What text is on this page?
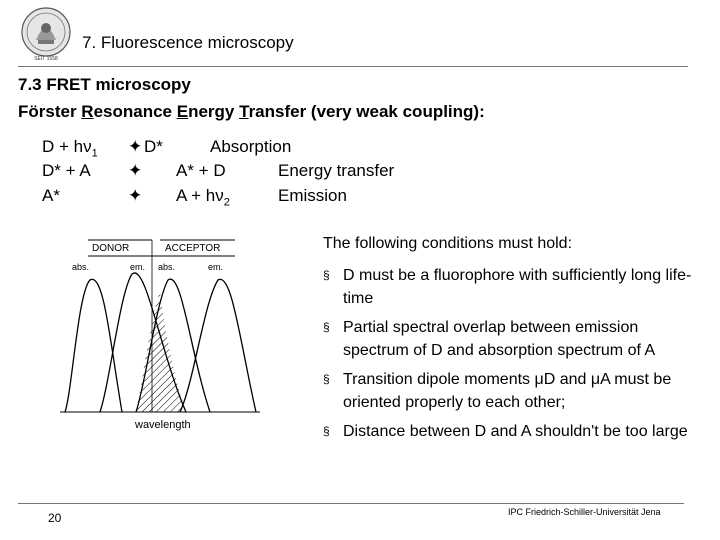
SEIT 1558
7. Fluorescence microscopy
7.3 FRET microscopy
Förster Resonance Energy Transfer (very weak coupling):
$D + h\nu_1$ ✦ D*	Absorption
D* + A ✦ A* + D	Energy transfer
A*	✦ $A + h\nu_2$	Emission
DONOR	ACCEPTOR
abs.	em. abs.	em.
wavelength
The following conditions must hold:
§ D must be a fluorophore with sufficiently long life-time
§ Partial spectral overlap between emission spectrum of D and absorption spectrum of A
§ Transition dipole moments μD and μA must be oriented properly to each other;
§ Distance between D and A shouldn't be too large
20	IPC Friedrich-Schiller-Universität Jena
